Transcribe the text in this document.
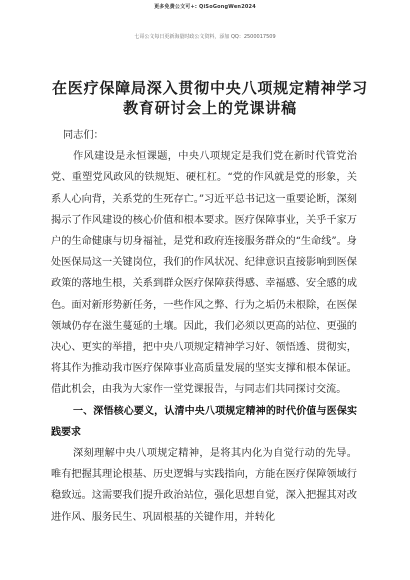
更多免费公文可+: QiSoGongWen2024
七哥公文每日更新海量时政公文资料，添加 QQ：2500017509
在医疗保障局深入贯彻中央八项规定精神学习
教育研讨会上的党课讲稿

同志们：

作风建设是永恒课题，中央八项规定是我们党在新时代管党治党、重塑党风政风的铁规矩、硬杠杠。“党的作风就是党的形象，关系人心向背，关系党的生死存亡。”习近平总书记这一重要论断，深刻揭示了作风建设的核心价值和根本要求。医疗保障事业，关乎千家万户的生命健康与切身福祉，是党和政府连接服务群众的“生命线”。身处医保局这一关键岗位，我们的作风状况、纪律意识直接影响到医保政策的落地生根，关系到群众医疗保障获得感、幸福感、安全感的成色。面对新形势新任务，一些作风之弊、行为之垢仍未根除，在医保领域仍存在滋生蔓延的土壤。因此，我们必须以更高的站位、更强的决心、更实的举措，把中央八项规定精神学习好、领悟透、贯彻实，将其作为推动我市医疗保障事业高质量发展的坚实支撑和根本保证。借此机会，由我为大家作一堂党课报告，与同志们共同探讨交流。

一、深悟核心要义，认清中央八项规定精神的时代价值与医保实践要求

深刻理解中央八项规定精神，是将其内化为自觉行动的先导。唯有把握其理论根基、历史逻辑与实践指向，方能在医疗保障领域行稳致远。这需要我们提升政治站位，强化思想自觉，深入把握其对改进作风、服务民生、巩固根基的关键作用，并转化
